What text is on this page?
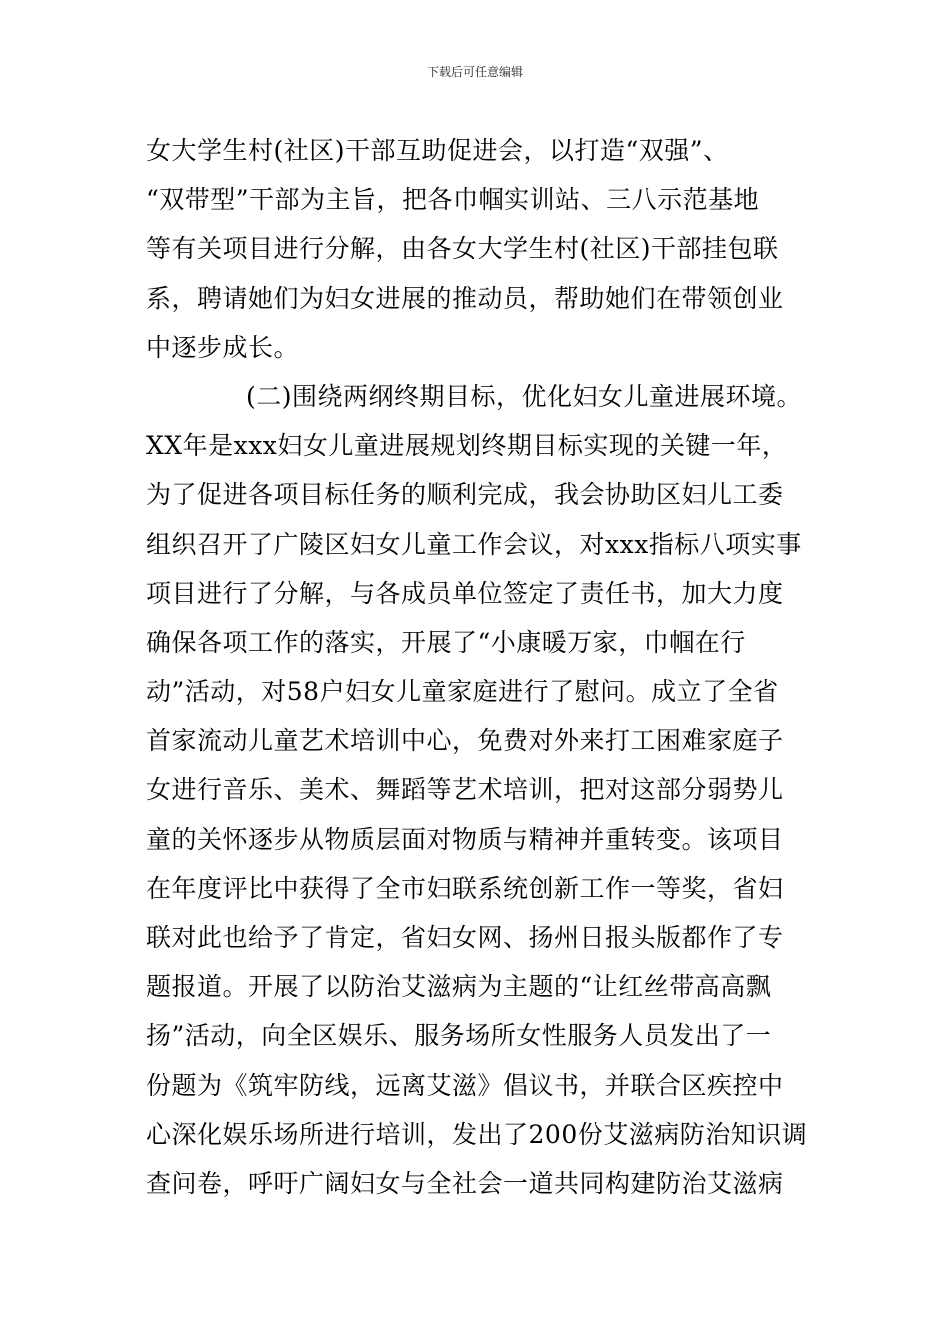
下载后可任意编辑
女大学生村(社区)干部互助促进会，以打造“双强”、
“双带型”干部为主旨，把各巾帼实训站、三八示范基地
等有关项目进行分解，由各女大学生村(社区)干部挂包联
系，聘请她们为妇女进展的推动员，帮助她们在带领创业
中逐步成长。
(二)围绕两纲终期目标，优化妇女儿童进展环境。
XX年是xxx妇女儿童进展规划终期目标实现的关键一年，
为了促进各项目标任务的顺利完成，我会协助区妇儿工委
组织召开了广陵区妇女儿童工作会议，对xxx指标八项实事
项目进行了分解，与各成员单位签定了责任书，加大力度
确保各项工作的落实，开展了“小康暖万家，巾帼在行
动”活动，对58户妇女儿童家庭进行了慰问。成立了全省
首家流动儿童艺术培训中心，免费对外来打工困难家庭子
女进行音乐、美术、舞蹈等艺术培训，把对这部分弱势儿
童的关怀逐步从物质层面对物质与精神并重转变。该项目
在年度评比中获得了全市妇联系统创新工作一等奖，省妇
联对此也给予了肯定，省妇女网、扬州日报头版都作了专
题报道。开展了以防治艾滋病为主题的“让红丝带高高飘
扬”活动，向全区娱乐、服务场所女性服务人员发出了一
份题为《筑牢防线，远离艾滋》倡议书，并联合区疾控中
心深化娱乐场所进行培训，发出了200份艾滋病防治知识调
查问卷，呼吁广阔妇女与全社会一道共同构建防治艾滋病
